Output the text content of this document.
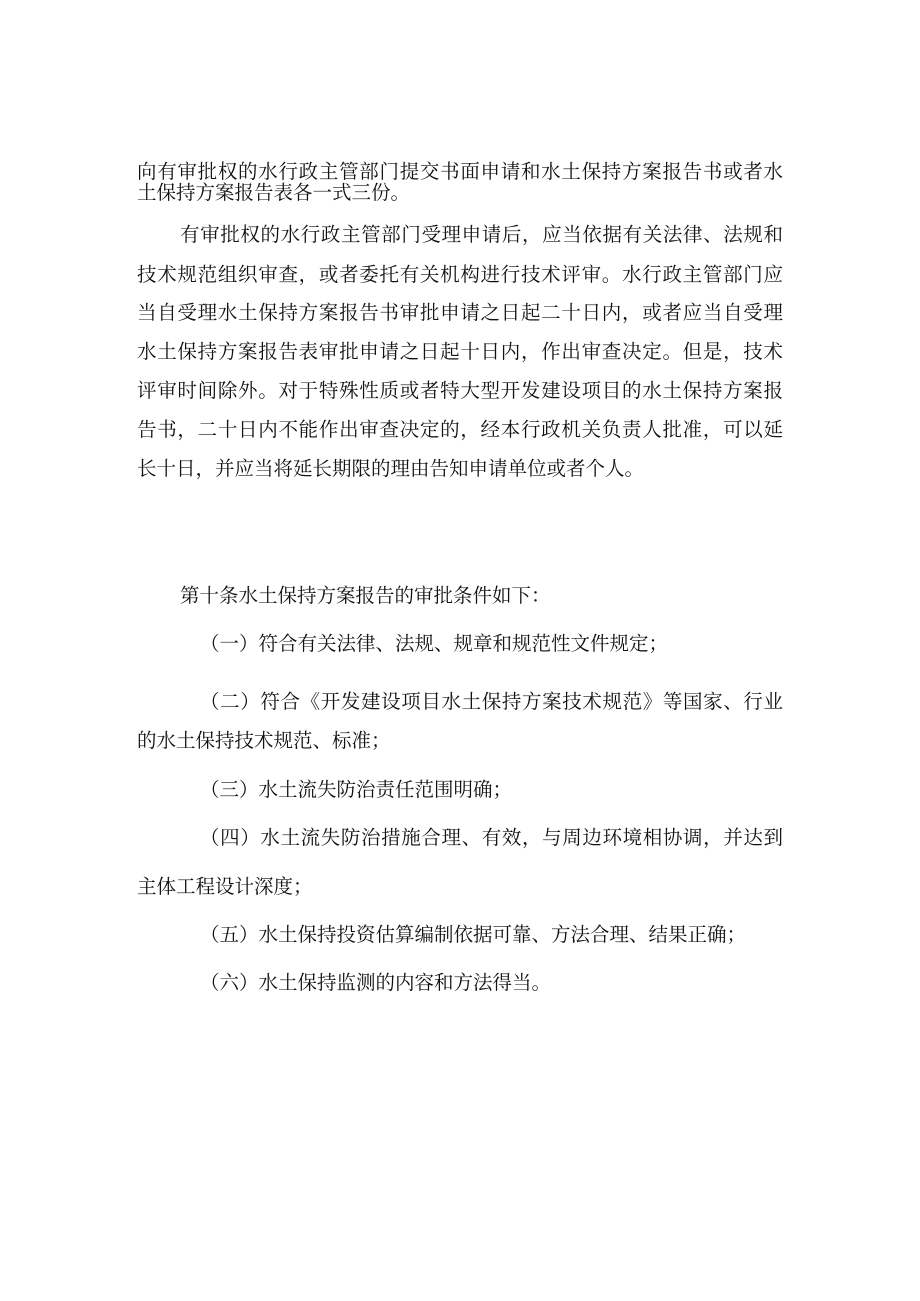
向有审批权的水行政主管部门提交书面申请和水土保持方案报告书或者水
土保持方案报告表各一式三份。
有审批权的水行政主管部门受理申请后，应当依据有关法律、法规和
技术规范组织审查，或者委托有关机构进行技术评审。水行政主管部门应
当自受理水土保持方案报告书审批申请之日起二十日内，或者应当自受理
水土保持方案报告表审批申请之日起十日内，作出审查决定。但是，技术
评审时间除外。对于特殊性质或者特大型开发建设项目的水土保持方案报
告书，二十日内不能作出审查决定的，经本行政机关负责人批准，可以延
长十日，并应当将延长期限的理由告知申请单位或者个人。
第十条水土保持方案报告的审批条件如下：
（一）符合有关法律、法规、规章和规范性文件规定；
（二）符合《开发建设项目水土保持方案技术规范》等国家、行业
的水土保持技术规范、标准；
（三）水土流失防治责任范围明确；
（四）水土流失防治措施合理、有效，与周边环境相协调，并达到
主体工程设计深度；
（五）水土保持投资估算编制依据可靠、方法合理、结果正确；
（六）水土保持监测的内容和方法得当。
